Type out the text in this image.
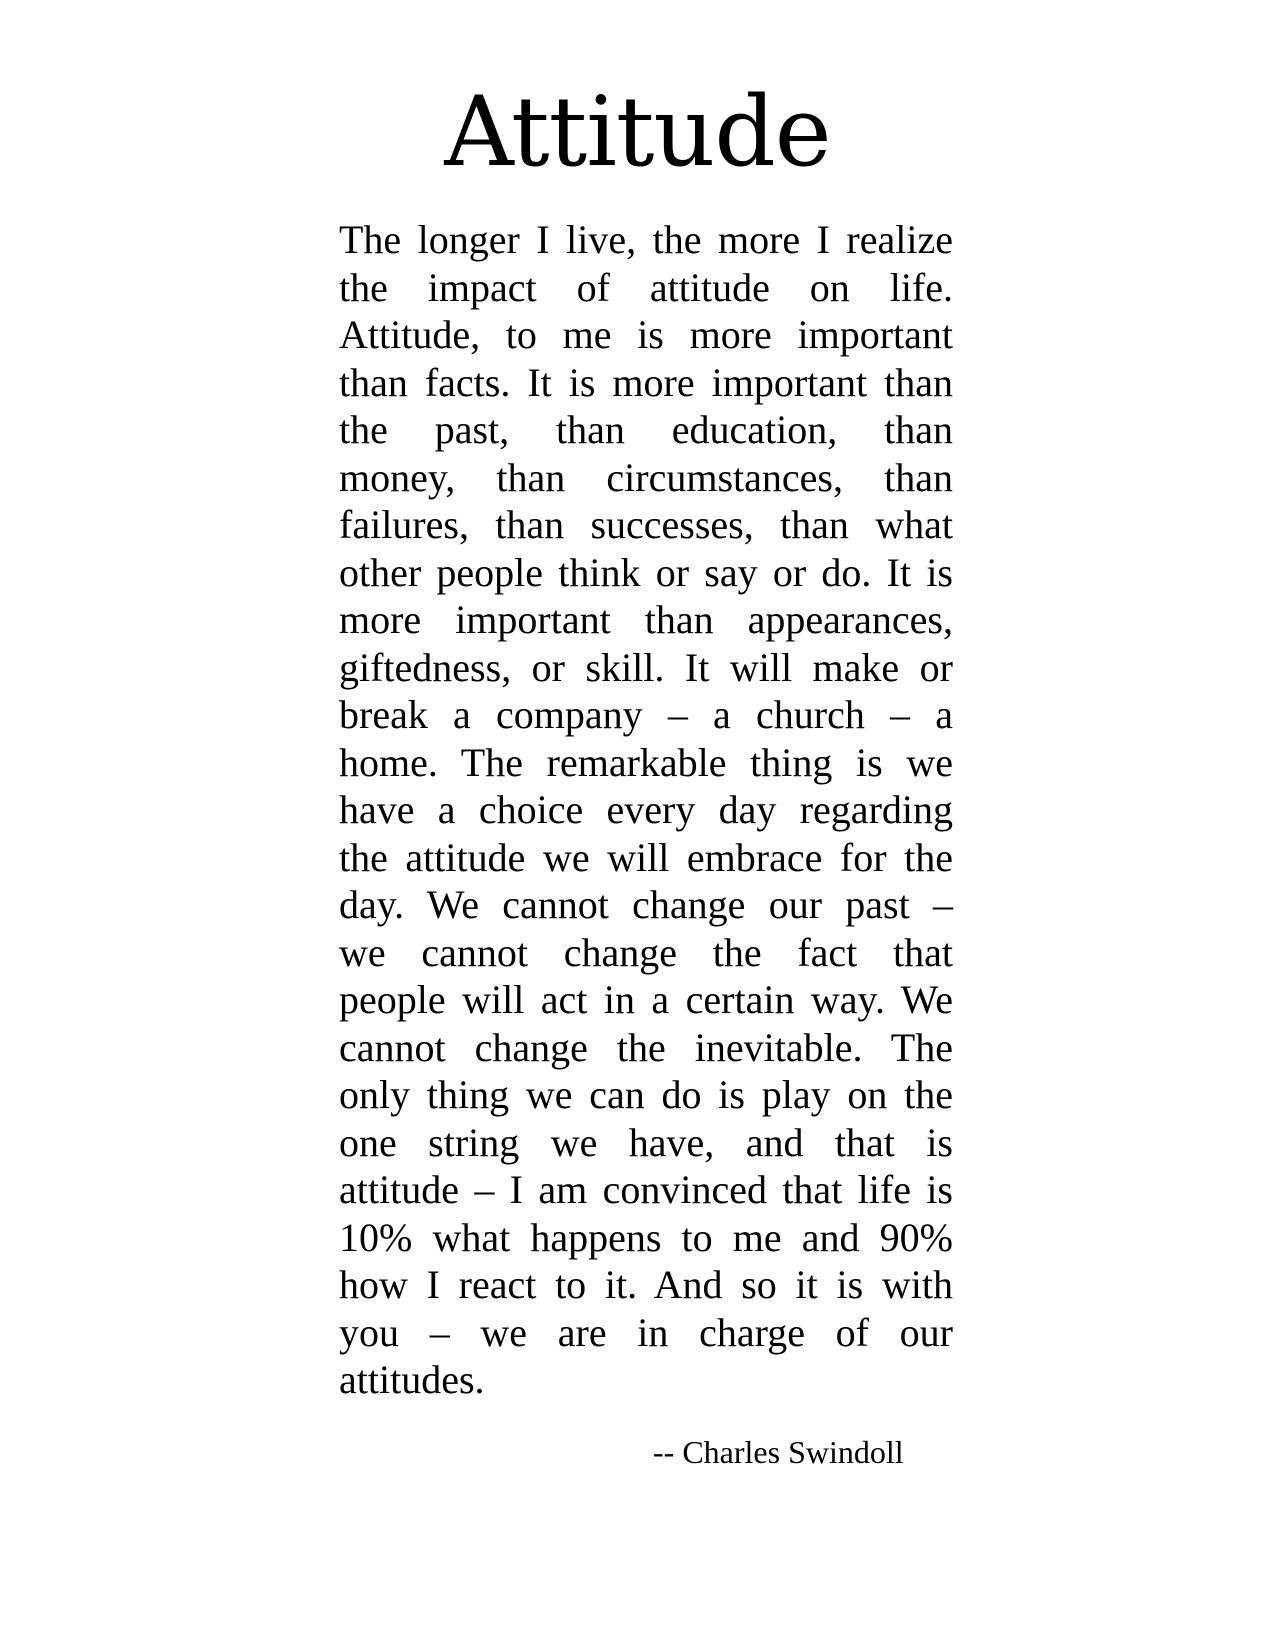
Attitude
The longer I live, the more I realize
the impact of attitude on life.
Attitude, to me is more important
than facts. It is more important than
the past, than education, than
money, than circumstances, than
failures, than successes, than what
other people think or say or do. It is
more important than appearances,
giftedness, or skill. It will make or
break a company – a church – a
home. The remarkable thing is we
have a choice every day regarding
the attitude we will embrace for the
day. We cannot change our past –
we cannot change the fact that
people will act in a certain way. We
cannot change the inevitable. The
only thing we can do is play on the
one string we have, and that is
attitude – I am convinced that life is
10% what happens to me and 90%
how I react to it. And so it is with
you – we are in charge of our
attitudes.
-- Charles Swindoll
